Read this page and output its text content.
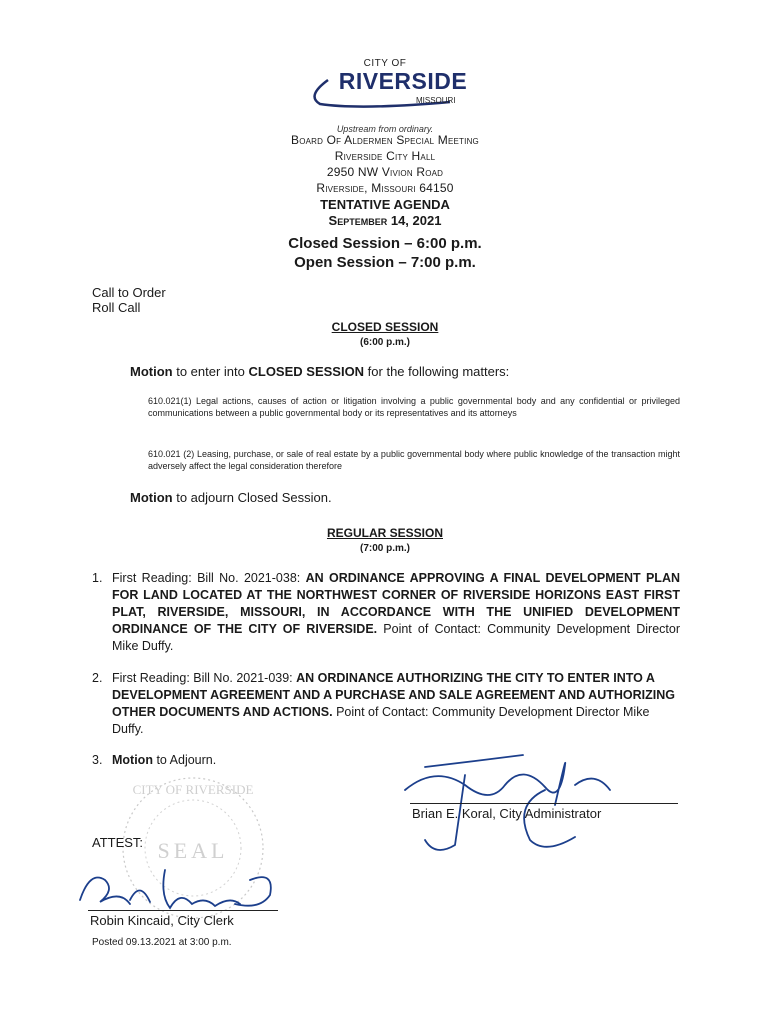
CITY OF
RIVERSIDE
MISSOURI
Upstream from ordinary.
Board Of Aldermen Special Meeting
Riverside City Hall
2950 NW Vivion Road
Riverside, Missouri 64150
TENTATIVE AGENDA
September 14, 2021
Closed Session – 6:00 p.m.
Open Session – 7:00 p.m.
Call to Order
Roll Call
CLOSED SESSION
(6:00 p.m.)
Motion to enter into CLOSED SESSION for the following matters:
610.021(1) Legal actions, causes of action or litigation involving a public governmental body and any confidential or privileged communications between a public governmental body or its representatives and its attorneys
610.021 (2) Leasing, purchase, or sale of real estate by a public governmental body where public knowledge of the transaction might adversely affect the legal consideration therefore
Motion to adjourn Closed Session.
REGULAR SESSION
(7:00 p.m.)
1. First Reading: Bill No. 2021-038: AN ORDINANCE APPROVING A FINAL DEVELOPMENT PLAN FOR LAND LOCATED AT THE NORTHWEST CORNER OF RIVERSIDE HORIZONS EAST FIRST PLAT, RIVERSIDE, MISSOURI, IN ACCORDANCE WITH THE UNIFIED DEVELOPMENT ORDINANCE OF THE CITY OF RIVERSIDE. Point of Contact: Community Development Director Mike Duffy.
2. First Reading: Bill No. 2021-039: AN ORDINANCE AUTHORIZING THE CITY TO ENTER INTO A DEVELOPMENT AGREEMENT AND A PURCHASE AND SALE AGREEMENT AND AUTHORIZING OTHER DOCUMENTS AND ACTIONS. Point of Contact: Community Development Director Mike Duffy.
3. Motion to Adjourn.
CITY OF RIVERSIDE
SEAL
Brian E. Koral, City Administrator
ATTEST:
Robin Kincaid, City Clerk
Posted 09.13.2021 at 3:00 p.m.
